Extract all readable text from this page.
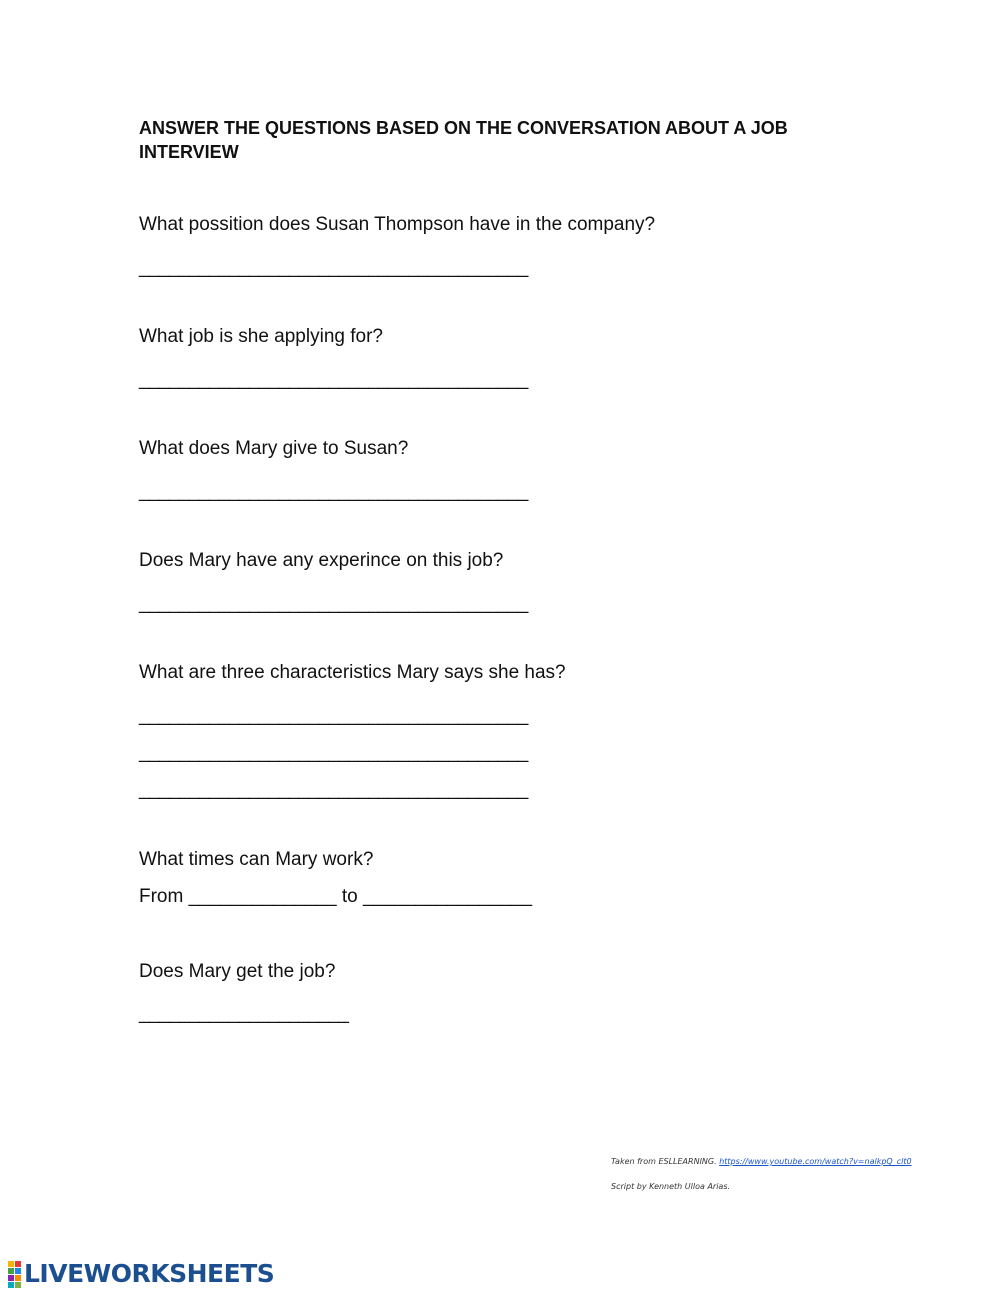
ANSWER THE QUESTIONS BASED ON THE CONVERSATION ABOUT A JOB INTERVIEW

What possition does Susan Thompson have in the company?

_______________________________________

What job is she applying for?

_______________________________________

What does Mary give to Susan?

_______________________________________

Does Mary have any experince on this job?

_______________________________________

What are three characteristics Mary says she has?

_______________________________________

_______________________________________

_______________________________________

What times can Mary work?

From ______________ to ________________

Does Mary get the job?

_____________________

Taken from ESLLEARNING. https://www.youtube.com/watch?v=nalkpQ_clt0
Script by Kenneth Ulloa Arias.
LIVEWORKSHEETS
